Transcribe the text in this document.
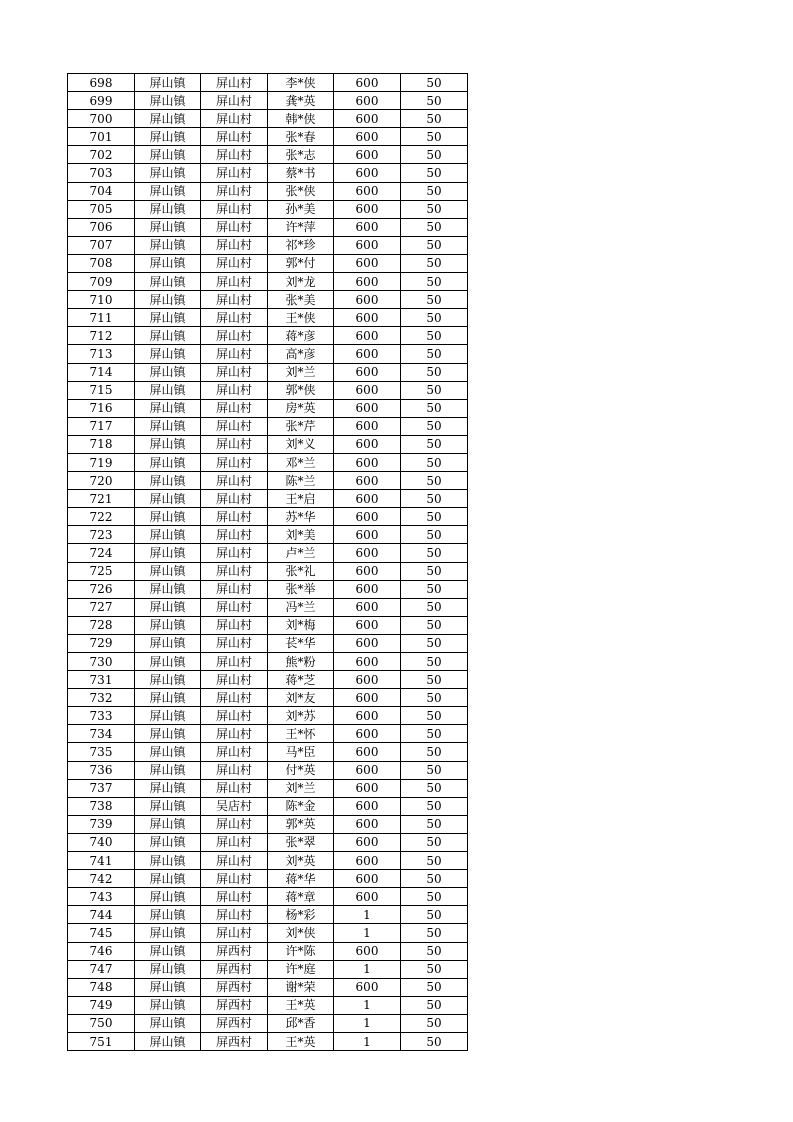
698	屏山镇	屏山村	李*侠	600	50
699	屏山镇	屏山村	龚*英	600	50
700	屏山镇	屏山村	韩*侠	600	50
701	屏山镇	屏山村	张*春	600	50
702	屏山镇	屏山村	张*志	600	50
703	屏山镇	屏山村	蔡*书	600	50
704	屏山镇	屏山村	张*侠	600	50
705	屏山镇	屏山村	孙*美	600	50
706	屏山镇	屏山村	许*萍	600	50
707	屏山镇	屏山村	祁*珍	600	50
708	屏山镇	屏山村	郭*付	600	50
709	屏山镇	屏山村	刘*龙	600	50
710	屏山镇	屏山村	张*美	600	50
711	屏山镇	屏山村	王*侠	600	50
712	屏山镇	屏山村	蒋*彦	600	50
713	屏山镇	屏山村	高*彦	600	50
714	屏山镇	屏山村	刘*兰	600	50
715	屏山镇	屏山村	郭*侠	600	50
716	屏山镇	屏山村	房*英	600	50
717	屏山镇	屏山村	张*芹	600	50
718	屏山镇	屏山村	刘*义	600	50
719	屏山镇	屏山村	邓*兰	600	50
720	屏山镇	屏山村	陈*兰	600	50
721	屏山镇	屏山村	王*启	600	50
722	屏山镇	屏山村	苏*华	600	50
723	屏山镇	屏山村	刘*美	600	50
724	屏山镇	屏山村	卢*兰	600	50
725	屏山镇	屏山村	张*礼	600	50
726	屏山镇	屏山村	张*举	600	50
727	屏山镇	屏山村	冯*兰	600	50
728	屏山镇	屏山村	刘*梅	600	50
729	屏山镇	屏山村	苌*华	600	50
730	屏山镇	屏山村	熊*粉	600	50
731	屏山镇	屏山村	蒋*芝	600	50
732	屏山镇	屏山村	刘*友	600	50
733	屏山镇	屏山村	刘*苏	600	50
734	屏山镇	屏山村	王*怀	600	50
735	屏山镇	屏山村	马*臣	600	50
736	屏山镇	屏山村	付*英	600	50
737	屏山镇	屏山村	刘*兰	600	50
738	屏山镇	吴店村	陈*金	600	50
739	屏山镇	屏山村	郭*英	600	50
740	屏山镇	屏山村	张*翠	600	50
741	屏山镇	屏山村	刘*英	600	50
742	屏山镇	屏山村	蒋*华	600	50
743	屏山镇	屏山村	蒋*章	600	50
744	屏山镇	屏山村	杨*彩	1	50
745	屏山镇	屏山村	刘*侠	1	50
746	屏山镇	屏西村	许*陈	600	50
747	屏山镇	屏西村	许*庭	1	50
748	屏山镇	屏西村	谢*荣	600	50
749	屏山镇	屏西村	王*英	1	50
750	屏山镇	屏西村	邱*香	1	50
751	屏山镇	屏西村	王*英	1	50
